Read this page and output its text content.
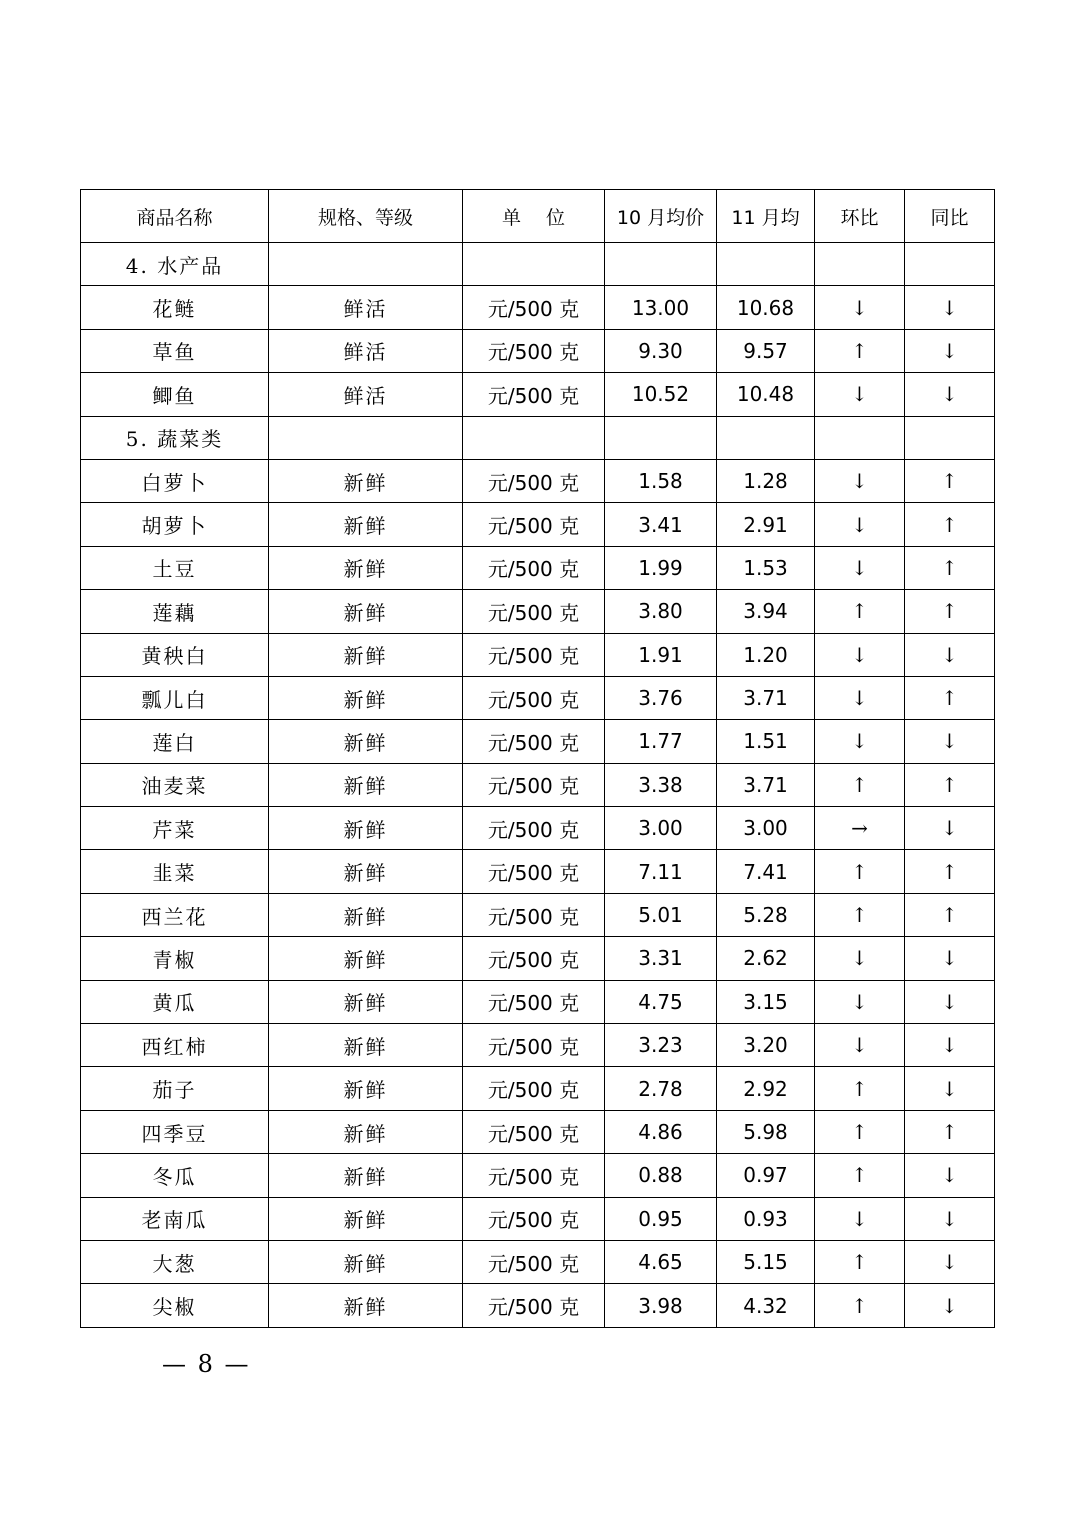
商品名称	规格、等级	单　 位	10 月均价	11 月均	环比	同比
4. 水产品						
花鲢	鲜活	元/500 克	13.00	10.68	↓	↓
草鱼	鲜活	元/500 克	9.30	9.57	↑	↓
鲫鱼	鲜活	元/500 克	10.52	10.48	↓	↓
5. 蔬菜类						
白萝卜	新鲜	元/500 克	1.58	1.28	↓	↑
胡萝卜	新鲜	元/500 克	3.41	2.91	↓	↑
土豆	新鲜	元/500 克	1.99	1.53	↓	↑
莲藕	新鲜	元/500 克	3.80	3.94	↑	↑
黄秧白	新鲜	元/500 克	1.91	1.20	↓	↓
瓢儿白	新鲜	元/500 克	3.76	3.71	↓	↑
莲白	新鲜	元/500 克	1.77	1.51	↓	↓
油麦菜	新鲜	元/500 克	3.38	3.71	↑	↑
芹菜	新鲜	元/500 克	3.00	3.00	→	↓
韭菜	新鲜	元/500 克	7.11	7.41	↑	↑
西兰花	新鲜	元/500 克	5.01	5.28	↑	↑
青椒	新鲜	元/500 克	3.31	2.62	↓	↓
黄瓜	新鲜	元/500 克	4.75	3.15	↓	↓
西红柿	新鲜	元/500 克	3.23	3.20	↓	↓
茄子	新鲜	元/500 克	2.78	2.92	↑	↓
四季豆	新鲜	元/500 克	4.86	5.98	↑	↑
冬瓜	新鲜	元/500 克	0.88	0.97	↑	↓
老南瓜	新鲜	元/500 克	0.95	0.93	↓	↓
大葱	新鲜	元/500 克	4.65	5.15	↑	↓
尖椒	新鲜	元/500 克	3.98	4.32	↑	↓
— 8 —
